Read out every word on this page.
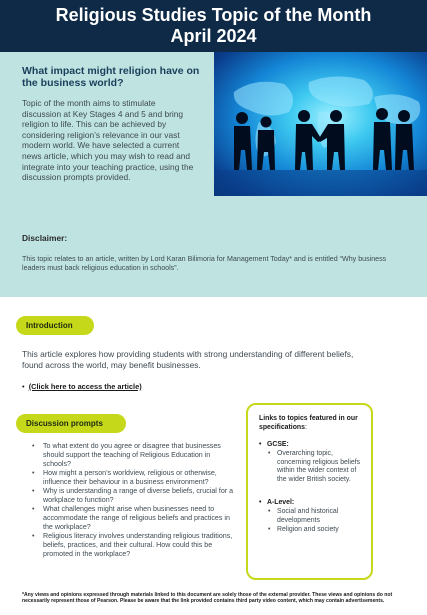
Religious Studies Topic of the Month
April 2024
What impact might religion have on the business world?
Topic of the month aims to stimulate discussion at Key Stages 4 and 5 and bring religion to life. This can be achieved by considering religion’s relevance in our vast modern world. We have selected a current news article, which you may wish to read and integrate into your teaching practice, using the discussion prompts provided.
Disclaimer:
This topic relates to an article, written by Lord Karan Bilimoria for Management Today* and is entitled “Why business leaders must back religious education in schools”.
Introduction
This article explores how providing students with strong understanding of different beliefs, found across the world, may benefit businesses.
• (Click here to access the article)
Discussion prompts
• To what extent do you agree or disagree that businesses should support the teaching of Religious Education in schools?
• How might a person’s worldview, religious or otherwise, influence their behaviour in a business environment?
• Why is understanding a range of diverse beliefs, crucial for a workplace to function?
• What challenges might arise when businesses need to accommodate the range of religious beliefs and practices in the workplace?
• Religious literacy involves understanding religious traditions, beliefs, practices, and their cultural. How could this be promoted in the workplace?
Links to topics featured in our specifications:
• GCSE:
• Overarching topic, concerning religious beliefs within the wider context of the wider British society.
• A-Level:
• Social and historical developments
• Religion and society
*Any views and opinions expressed through materials linked to this document are solely those of the external provider. These views and opinions do not necessarily represent those of Pearson. Please be aware that the link provided contains third party video content, which may contain advertisements.
